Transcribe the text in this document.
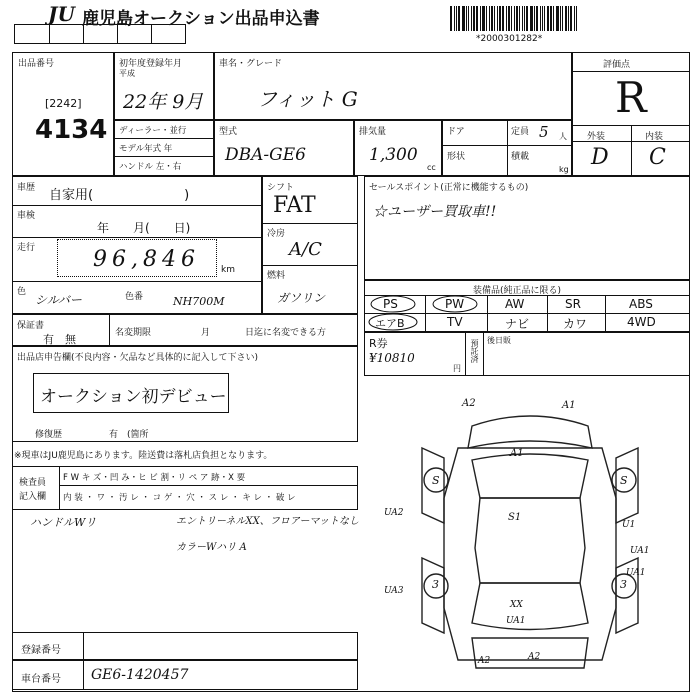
JU 鹿児島オークション出品申込書
*2000301282*
出品番号
[2242]
4134
初年度登録年月
平成
22年 9月
車名・グレード
フィット G
評価点
R
外装	内装
D C
ディーラー・並行
モデル年式 年
ハンドル 左・右
型式
DBA-GE6
排気量
1,300
cc
ドア	定員 5 人
形状	積載
kg
車歴 自家用(　　　　　　　)
車検
年　　月(　　日)
走行	96,846 km
色
シルバー	色番	NH700M
シフト
FAT
冷房
A/C
燃料
ガソリン
セールスポイント(正常に機能するもの)
☆ユーザー買取車!!
装備品(純正品に限る)
PS	PW	AW	SR	ABS
エアB	TV	ナビ	カワ	4WD
保証書
有　無	名変期限	月	日迄に名変できる方
R券
¥10810
円
預託済 後日販
出品店申告欄(不良内容・欠品など具体的に記入して下さい)
オークション初デビュー
修復歴	有　(箇所
※現車はJU鹿児島にあります。陸送費は落札店負担となります。
検査員
記入欄
F W キ ズ・凹 み・ヒ ビ 割・リ ペ ア 跡・X 要
内 装 ・ ワ ・ 汚 レ ・ コ ゲ ・ 穴 ・ ス レ ・ キ レ ・ 破 レ
ハンドルWリ	エントリーネルXX、フロアーマットなし
カラーWハリ A
A2	A1
A1
S1
UA2
U1
UA1
UA1
UA3
XX
UA1
A2	A2
S	S
3	3
登録番号
車台番号 GE6-1420457
